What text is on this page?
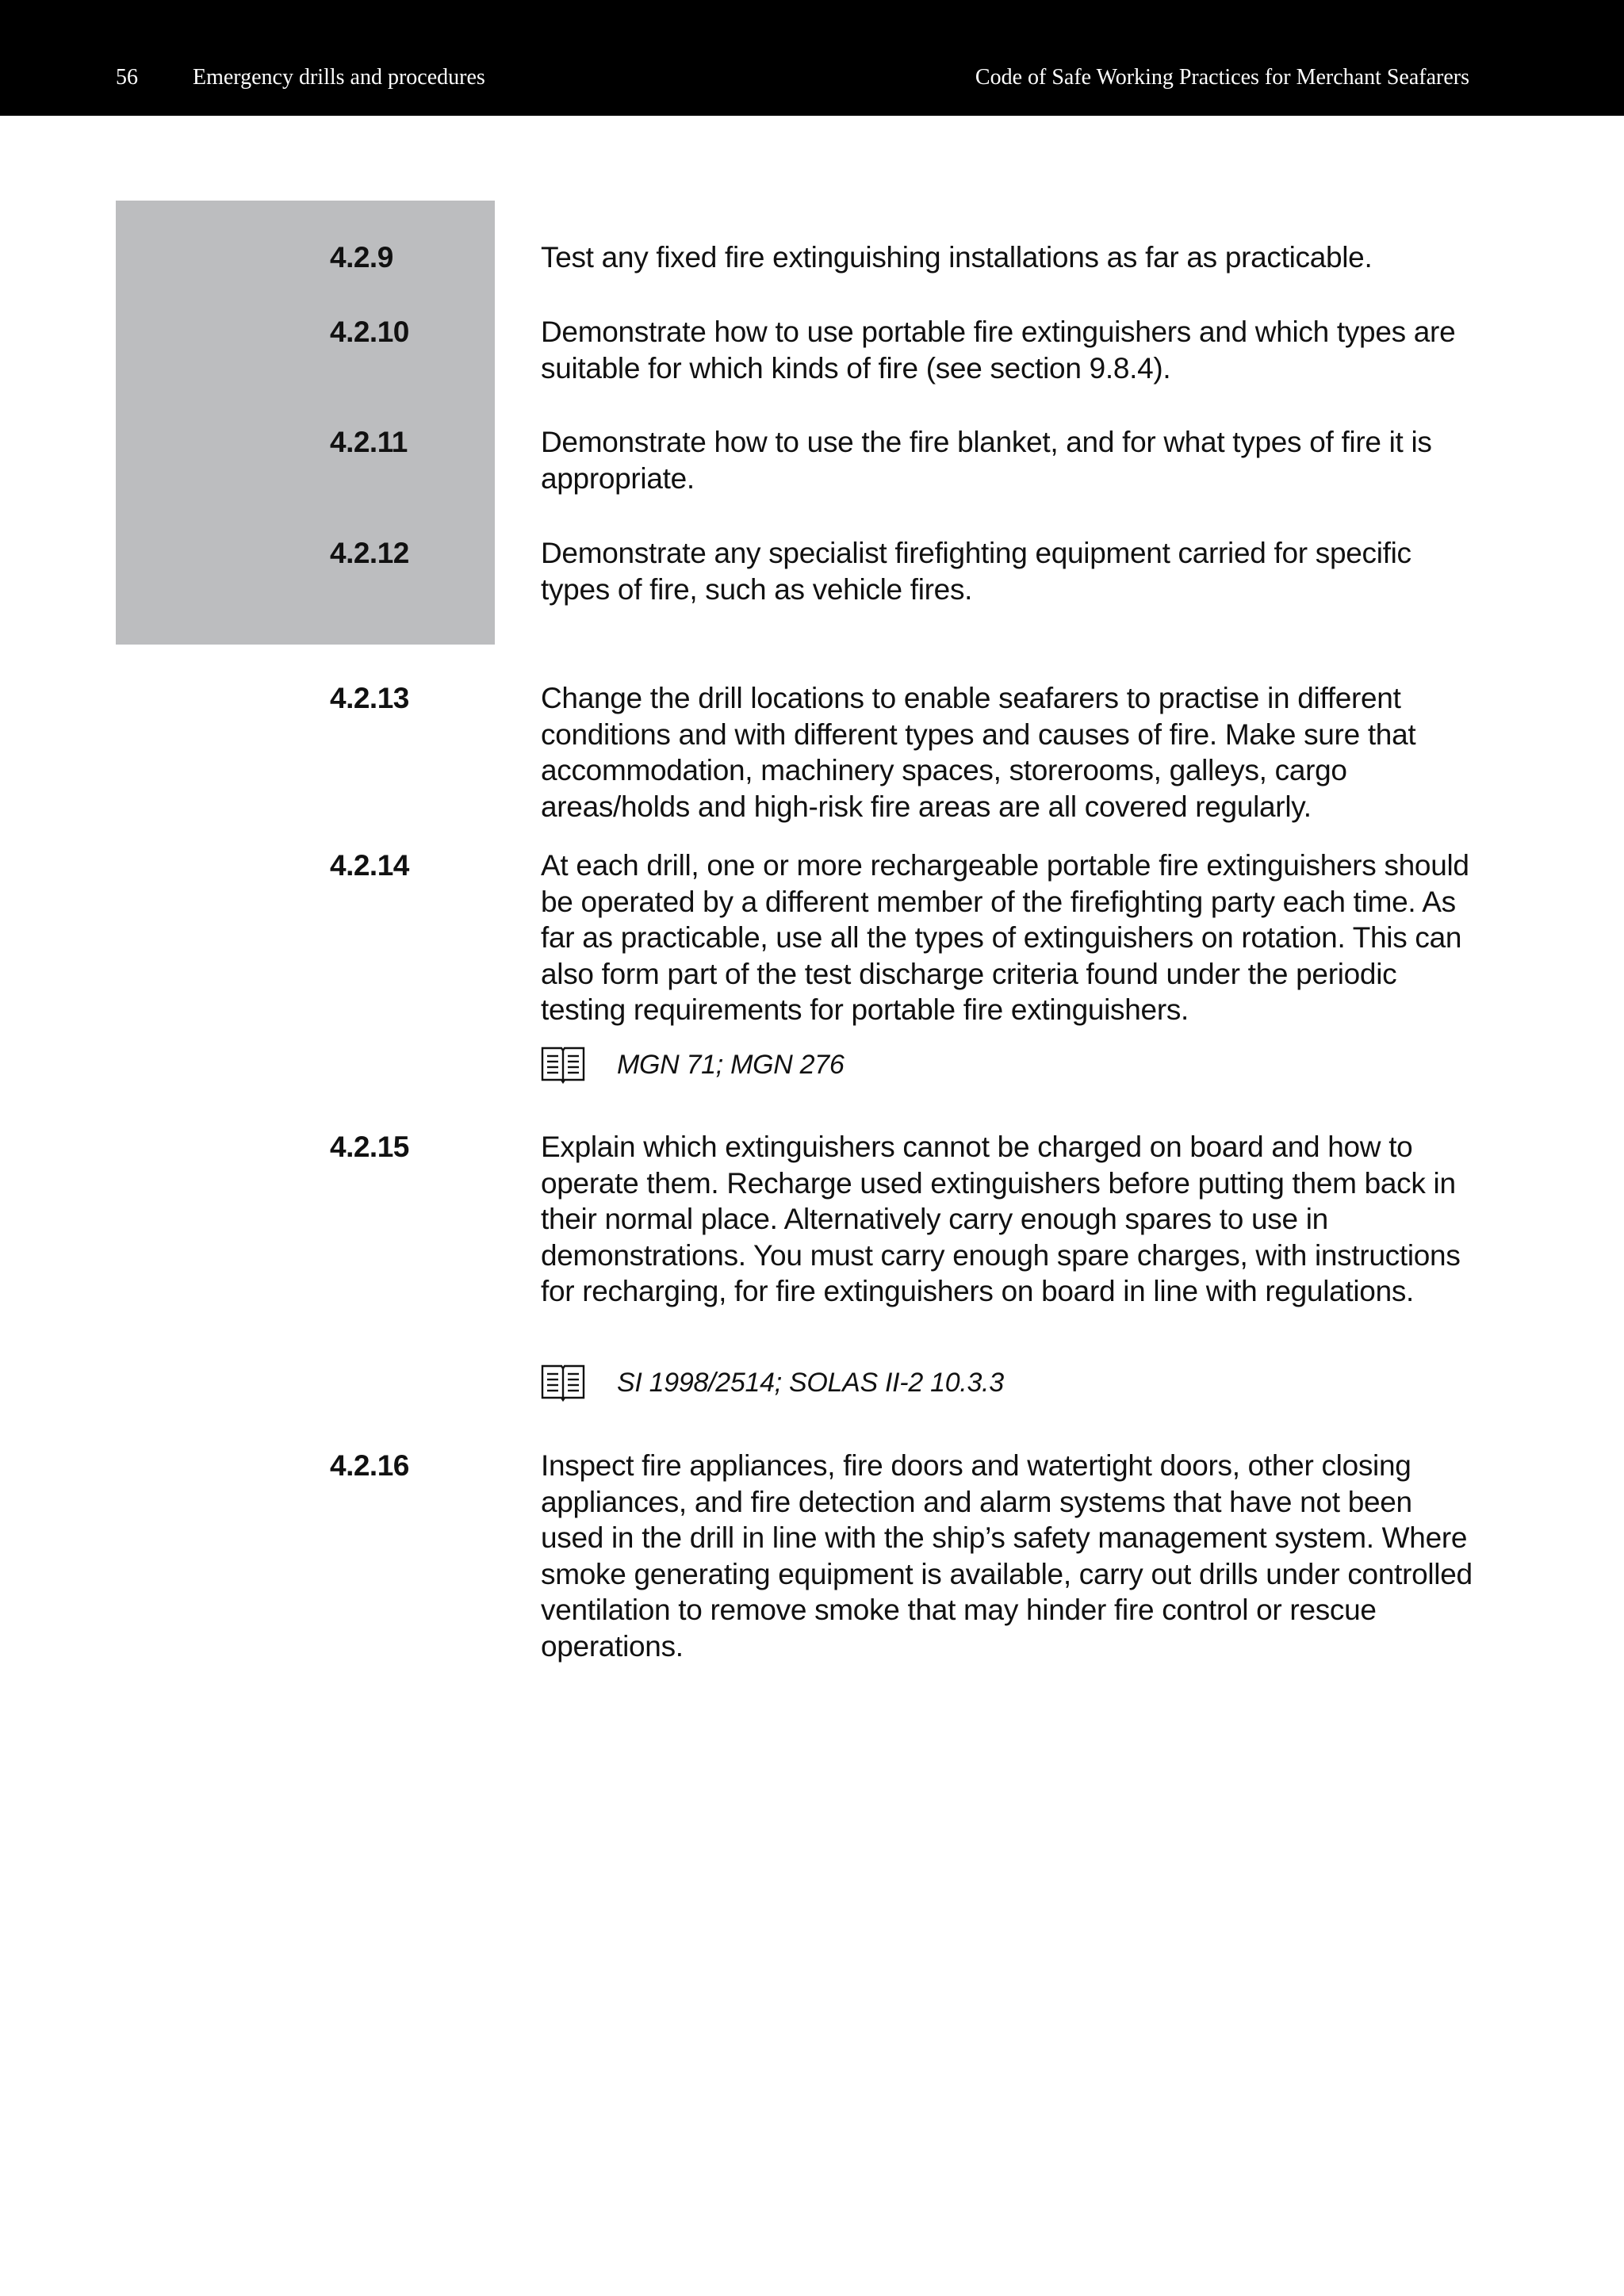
56 Emergency drills and procedures	Code of Safe Working Practices for Merchant Seafarers
4.2.9	Test any fixed fire extinguishing installations as far as practicable.
4.2.10	Demonstrate how to use portable fire extinguishers and which types are suitable for which kinds of fire (see section 9.8.4).
4.2.11	Demonstrate how to use the fire blanket, and for what types of fire it is appropriate.
4.2.12	Demonstrate any specialist firefighting equipment carried for specific types of fire, such as vehicle fires.
4.2.13	Change the drill locations to enable seafarers to practise in different conditions and with different types and causes of fire. Make sure that accommodation, machinery spaces, storerooms, galleys, cargo areas/holds and high-risk fire areas are all covered regularly.
4.2.14	At each drill, one or more rechargeable portable fire extinguishers should be operated by a different member of the firefighting party each time. As far as practicable, use all the types of extinguishers on rotation. This can also form part of the test discharge criteria found under the periodic testing requirements for portable fire extinguishers.
MGN 71; MGN 276
4.2.15	Explain which extinguishers cannot be charged on board and how to operate them. Recharge used extinguishers before putting them back in their normal place. Alternatively carry enough spares to use in demonstrations. You must carry enough spare charges, with instructions for recharging, for fire extinguishers on board in line with regulations.
SI 1998/2514; SOLAS II-2 10.3.3
4.2.16	Inspect fire appliances, fire doors and watertight doors, other closing appliances, and fire detection and alarm systems that have not been used in the drill in line with the ship’s safety management system. Where smoke generating equipment is available, carry out drills under controlled ventilation to remove smoke that may hinder fire control or rescue operations.
